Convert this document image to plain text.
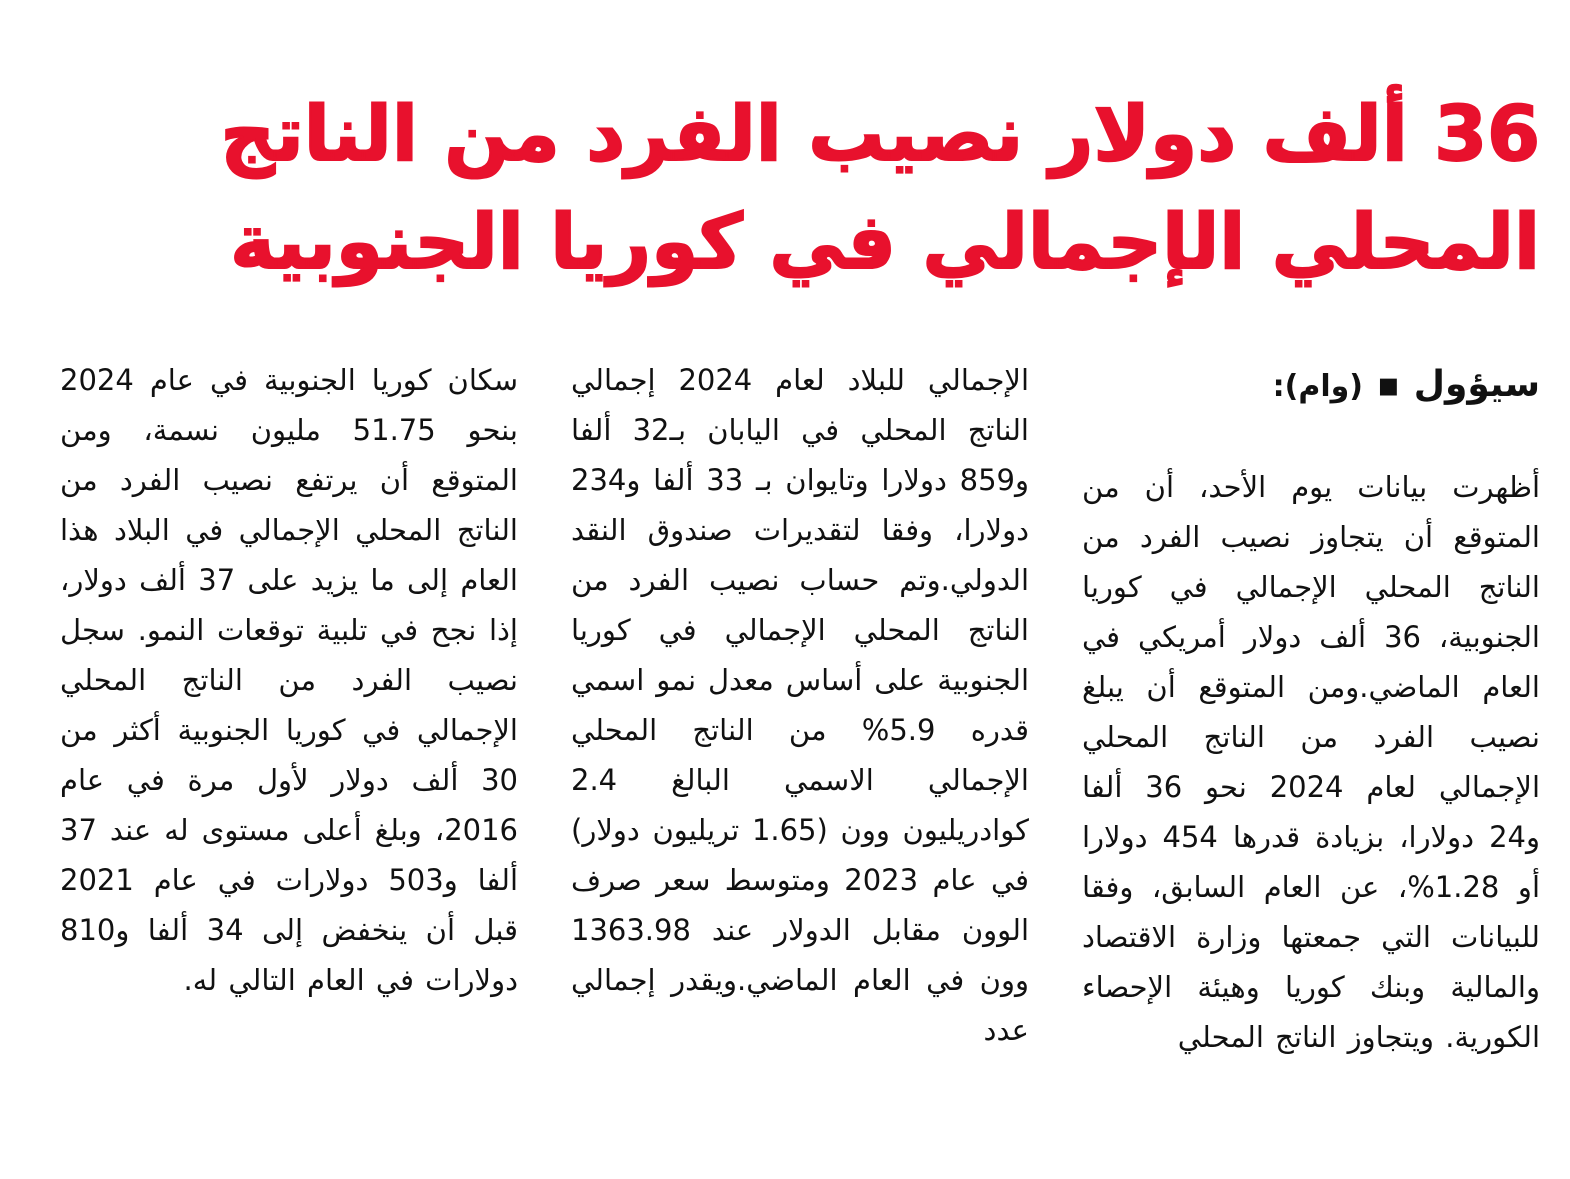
36 ألف دولار نصيب الفرد من الناتج المحلي الإجمالي في كوريا الجنوبية

سيؤول ▪ (وام):

أظهرت بيانات يوم الأحد، أن من المتوقع أن يتجاوز نصيب الفرد من الناتج المحلي الإجمالي في كوريا الجنوبية، 36 ألف دولار أمريكي في العام الماضي.ومن المتوقع أن يبلغ نصيب الفرد من الناتج المحلي الإجمالي لعام 2024 نحو 36 ألفا و24 دولارا، بزيادة قدرها 454 دولارا أو 1.28%، عن العام السابق، وفقا للبيانات التي جمعتها وزارة الاقتصاد والمالية وبنك كوريا وهيئة الإحصاء الكورية. ويتجاوز الناتج المحلي

الإجمالي للبلاد لعام 2024 إجمالي الناتج المحلي في اليابان بـ32 ألفا و859 دولارا وتايوان بـ 33 ألفا و234 دولارا، وفقا لتقديرات صندوق النقد الدولي.وتم حساب نصيب الفرد من الناتج المحلي الإجمالي في كوريا الجنوبية على أساس معدل نمو اسمي قدره 5.9% من الناتج المحلي الإجمالي الاسمي البالغ 2.4 كوادريليون وون (1.65 تريليون دولار) في عام 2023 ومتوسط سعر صرف الوون مقابل الدولار عند 1363.98 وون في العام الماضي.ويقدر إجمالي عدد

سكان كوريا الجنوبية في عام 2024 بنحو 51.75 مليون نسمة، ومن المتوقع أن يرتفع نصيب الفرد من الناتج المحلي الإجمالي في البلاد هذا العام إلى ما يزيد على 37 ألف دولار، إذا نجح في تلبية توقعات النمو. سجل نصيب الفرد من الناتج المحلي الإجمالي في كوريا الجنوبية أكثر من 30 ألف دولار لأول مرة في عام 2016، وبلغ أعلى مستوى له عند 37 ألفا و503 دولارات في عام 2021 قبل أن ينخفض إلى 34 ألفا و810 دولارات في العام التالي له.
